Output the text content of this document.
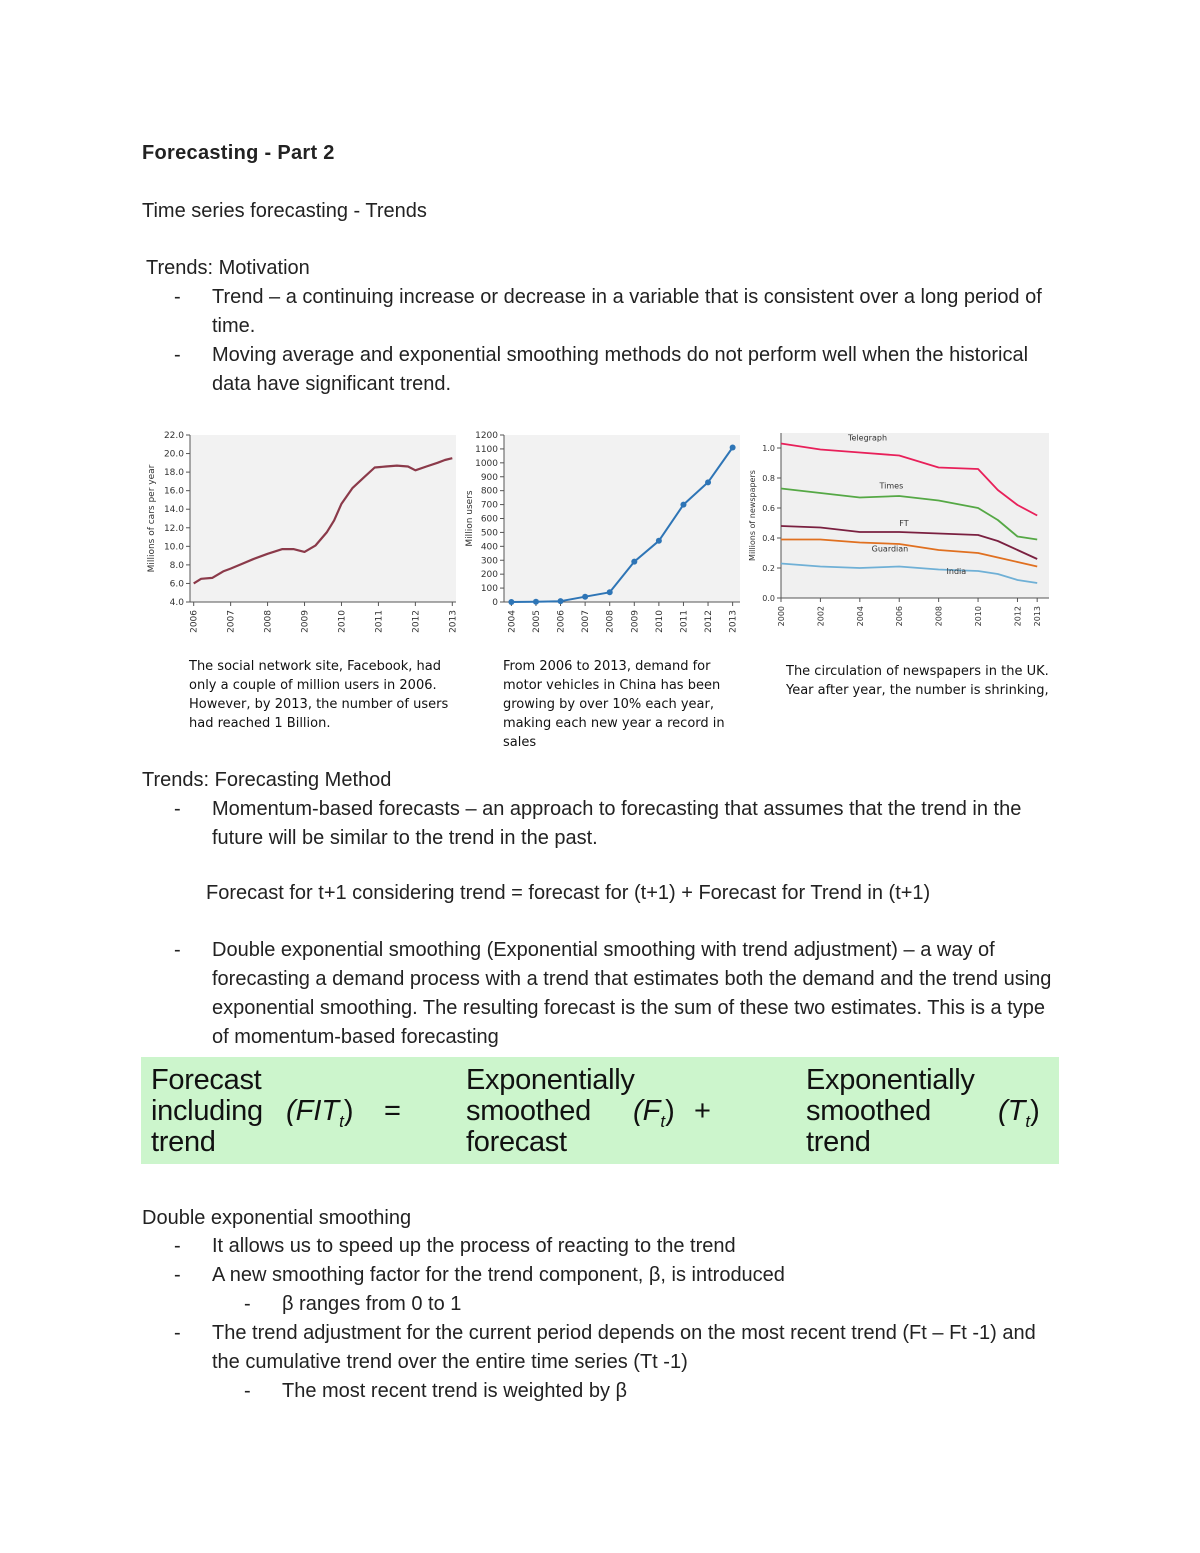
Forecasting - Part 2
Time series forecasting - Trends
Trends: Motivation
-	Trend – a continuing increase or decrease in a variable that is consistent over a long period of time.
-	Moving average and exponential smoothing methods do not perform well when the historical data have significant trend.
4.0
6.0
8.0
10.0
12.0
14.0
16.0
18.0
20.0
22.0
2006	2007	2008	2009	2010	2011	2012	2013
Millions of cars per year
0
100
200
300
400
500
600
700
800
900
1000
1100
1200
2004 2005 2006 2007 2008 2009 2010 2011 2012 2013
Million users
0.0
0.2
0.4
0.6
0.8
1.0
2000	2002	2004	2006	2008	2010	2012 2013
Millions of newspapers
Telegraph
Times
FT
Guardian
India
The social network site, Facebook, had only a couple of million users in 2006. However, by 2013, the number of users had reached 1 Billion.
From 2006 to 2013, demand for motor vehicles in China has been growing by over 10% each year, making each new year a record in sales
The circulation of newspapers in the UK. Year after year, the number is shrinking,
Trends: Forecasting Method
-	Momentum-based forecasts – an approach to forecasting that assumes that the trend in the future will be similar to the trend in the past.
Forecast for t+1 considering trend = forecast for (t+1) + Forecast for Trend in (t+1)
-	Double exponential smoothing (Exponential smoothing with trend adjustment) – a way of forecasting a demand process with a trend that estimates both the demand and the trend using exponential smoothing. The resulting forecast is the sum of these two estimates. This is a type of momentum-based forecasting
Forecast including trend
$(FIT_t)$ =
Exponentially smoothed forecast
$(F_t)$ +
Exponentially smoothed trend
$(T_t)$
Double exponential smoothing
-	It allows us to speed up the process of reacting to the trend
-	A new smoothing factor for the trend component, β, is introduced
-	β ranges from 0 to 1
-	The trend adjustment for the current period depends on the most recent trend (Ft – Ft -1) and the cumulative trend over the entire time series (Tt -1)
-	The most recent trend is weighted by β
